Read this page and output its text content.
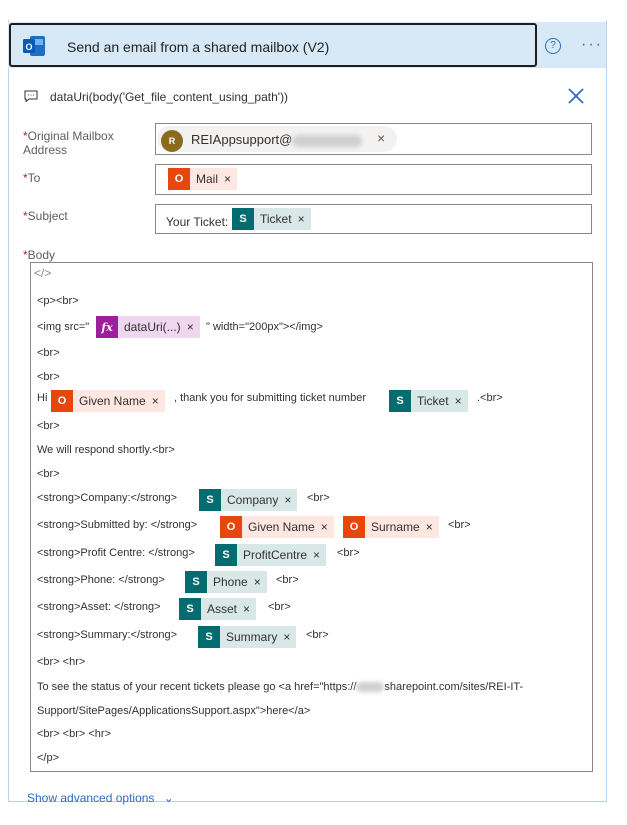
O Send an email from a shared mailbox (V2)	?	···
dataUri(body('Get_file_content_using_path'))
*Original Mailbox
Address
R	REIAppsupport@	×
*To	O	Mail ×
*Subject	Your Ticket:	S	Ticket ×
*Body
</>
<p><br>
<img src="	fx dataUri(...) × " width="200px"></img>
<br>
<br>
Hi O	Given Name × , thank you for submitting ticket number	S	Ticket × .<br>
<br>
We will respond shortly.<br>
<br>
<strong>Company:</strong>	S	Company × <br>
<strong>Submitted by: </strong>	O	Given Name ×	O	Surname × <br>
<strong>Profit Centre: </strong>	S	ProfitCentre × <br>
<strong>Phone: </strong>	S	Phone × <br>
<strong>Asset: </strong>	S	Asset × <br>
<strong>Summary:</strong>	S	Summary × <br>
<br> <hr>
To see the status of your recent tickets please go <a href="https://	sharepoint.com/sites/REI-IT-
Support/SitePages/ApplicationsSupport.aspx">here</a>
<br> <br> <hr>
</p>
Show advanced options ⌄
